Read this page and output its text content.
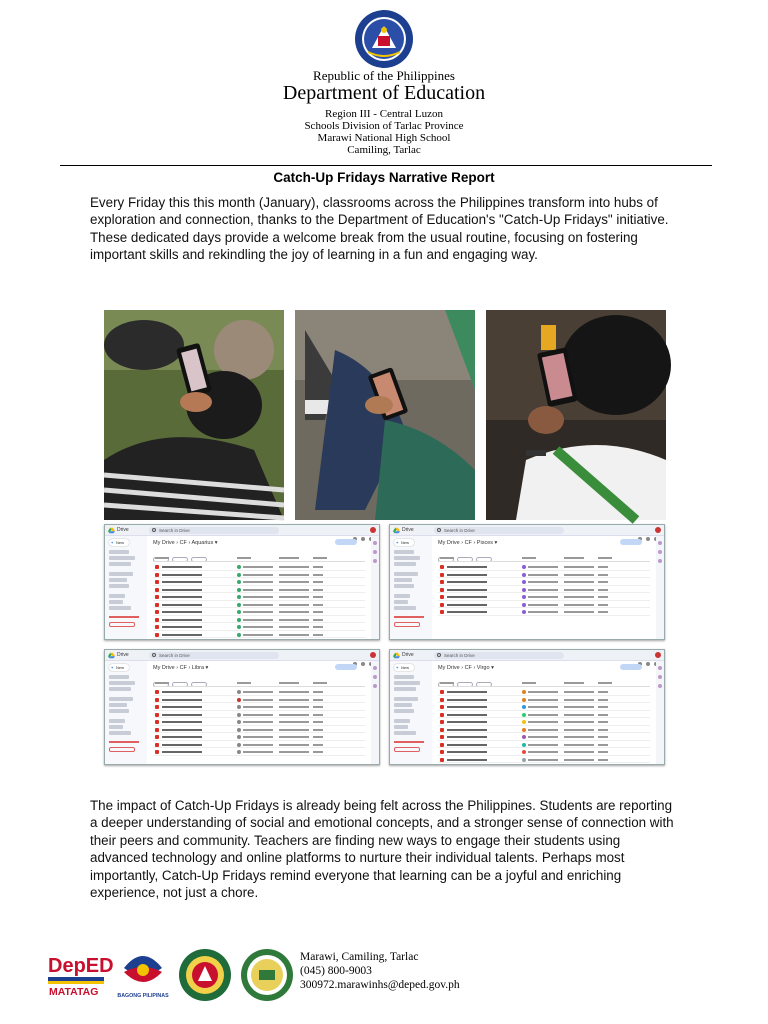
Republic of the Philippines
Department of Education
Region III - Central Luzon
Schools Division of Tarlac Province
Marawi National High School
Camiling, Tarlac
Catch-Up Fridays Narrative Report
Every Friday this this month (January), classrooms across the Philippines transform into hubs of exploration and connection, thanks to the Department of Education's "Catch-Up Fridays" initiative. These dedicated days provide a welcome break from the usual routine, focusing on fostering important skills and rekindling the joy of learning in a fun and engaging way.
Drive	Search in Drive
+ New	My Drive › CF › Aquarius ▾
Drive	Search in Drive
+ New	My Drive › CF › Pisces ▾
Drive	Search in Drive
+ New	My Drive › CF › Libra ▾
Drive	Search in Drive
+ New	My Drive › CF › Virgo ▾
The impact of Catch-Up Fridays is already being felt across the Philippines. Students are reporting a deeper understanding of social and emotional concepts, and a stronger sense of connection with their peers and community. Teachers are finding new ways to engage their students using advanced technology and online platforms to nurture their individual talents. Perhaps most importantly, Catch-Up Fridays remind everyone that learning can be a joyful and enriching experience, not just a chore.
DepED
MATATAG	BAGONG PILIPINAS
Marawi, Camiling, Tarlac
(045) 800-9003
300972.marawinhs@deped.gov.ph
